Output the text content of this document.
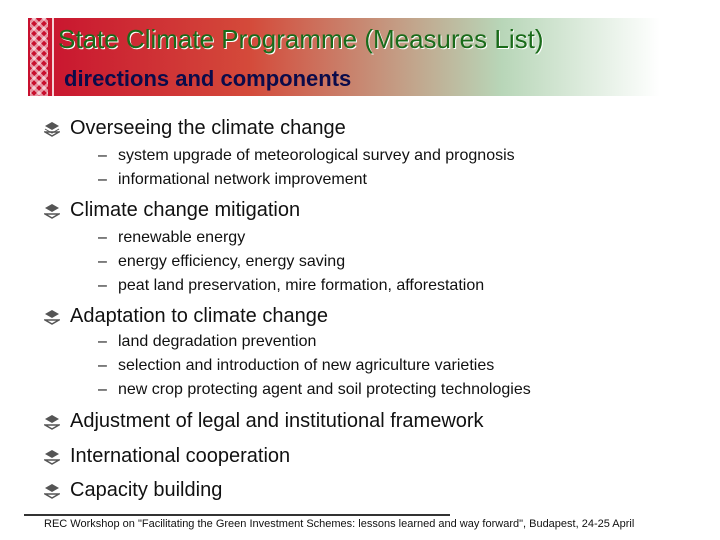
State Climate Programme (Measures List)
directions and components
Overseeing the climate change
– system upgrade of meteorological survey and prognosis
– informational network improvement
Climate change mitigation
– renewable energy
– energy efficiency, energy saving
– peat land preservation, mire formation, afforestation
Adaptation to climate change
– land degradation prevention
– selection and introduction of new agriculture varieties
– new crop protecting agent and soil protecting technologies
Adjustment of legal and institutional framework
International cooperation
Capacity building
REC Workshop on "Facilitating the Green Investment Schemes: lessons learned and way forward", Budapest, 24-25 April
